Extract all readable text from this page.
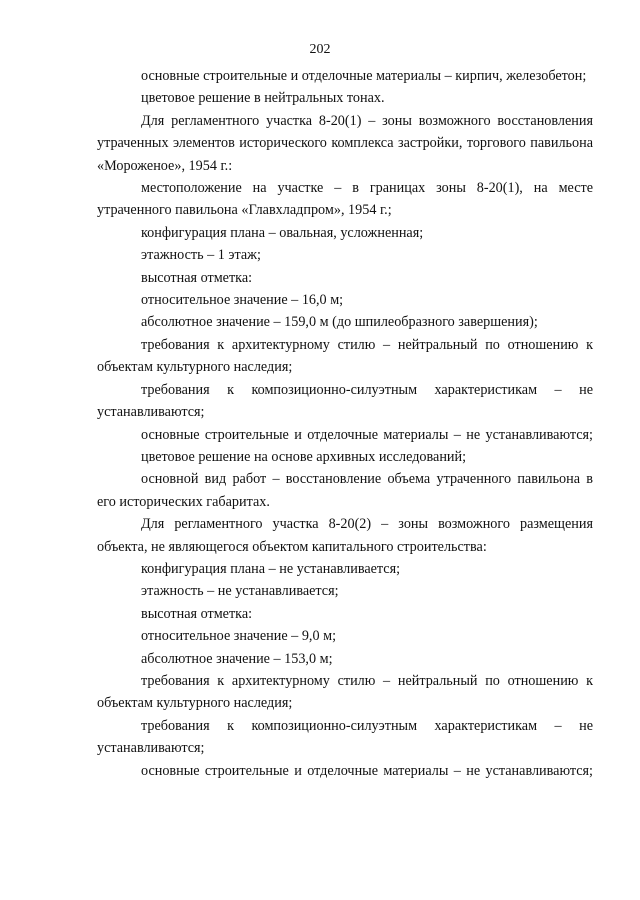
202

основные строительные и отделочные материалы – кирпич, железобетон;

цветовое решение в нейтральных тонах.

Для регламентного участка 8-20(1) – зоны возможного восстановления утраченных элементов исторического комплекса застройки, торгового павильона «Мороженое», 1954 г.:

местоположение на участке – в границах зоны 8-20(1), на месте утраченного павильона «Главхладпром», 1954 г.;

конфигурация плана – овальная, усложненная;

этажность – 1 этаж;

высотная отметка:

относительное значение – 16,0 м;

абсолютное значение – 159,0 м (до шпилеобразного завершения);

требования к архитектурному стилю – нейтральный по отношению к объектам культурного наследия;

требования к композиционно-силуэтным характеристикам – не устанавливаются;

основные строительные и отделочные материалы – не устанавливаются;

цветовое решение на основе архивных исследований;

основной вид работ – восстановление объема утраченного павильона в его исторических габаритах.

Для регламентного участка 8-20(2) – зоны возможного размещения объекта, не являющегося объектом капитального строительства:

конфигурация плана – не устанавливается;

этажность – не устанавливается;

высотная отметка:

относительное значение – 9,0 м;

абсолютное значение – 153,0 м;

требования к архитектурному стилю – нейтральный по отношению к объектам культурного наследия;

требования к композиционно-силуэтным характеристикам – не устанавливаются;

основные строительные и отделочные материалы – не устанавливаются;
